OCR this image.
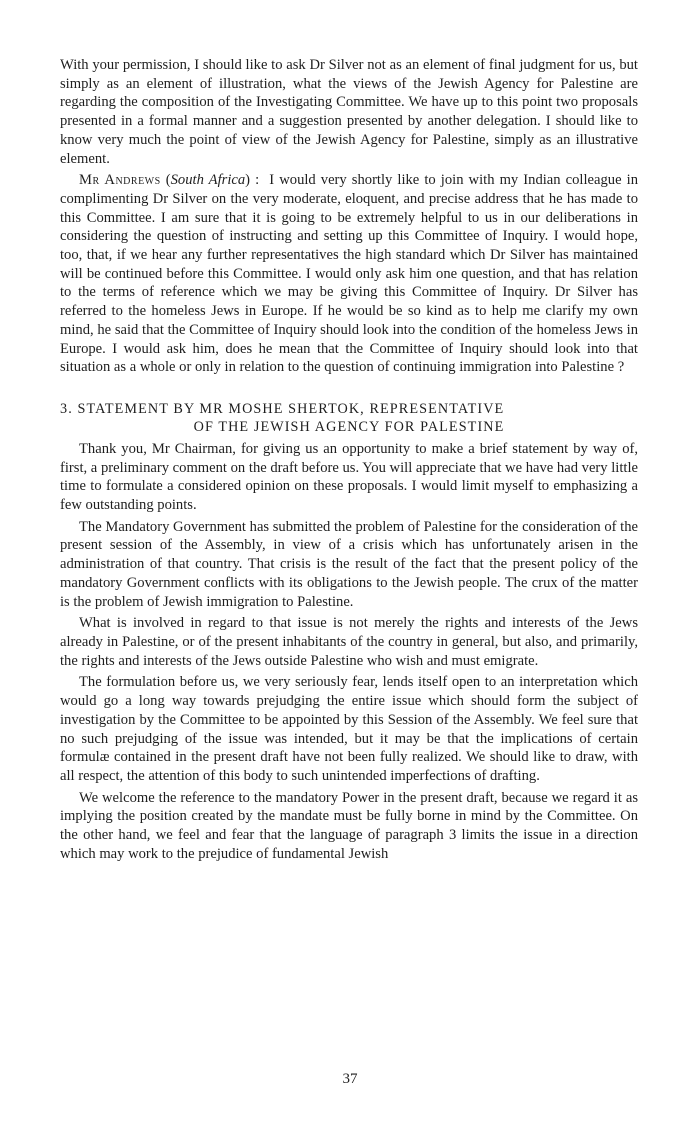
With your permission, I should like to ask Dr Silver not as an element of final judgment for us, but simply as an element of illustration, what the views of the Jewish Agency for Palestine are regarding the composition of the Investigating Committee. We have up to this point two proposals presented in a formal manner and a suggestion presented by another delegation. I should like to know very much the point of view of the Jewish Agency for Palestine, simply as an illustrative element.

Mr Andrews (South Africa) :  I would very shortly like to join with my Indian colleague in complimenting Dr Silver on the very moderate, eloquent, and precise address that he has made to this Committee. I am sure that it is going to be extremely helpful to us in our deliberations in considering the question of instructing and setting up this Committee of Inquiry. I would hope, too, that, if we hear any further representatives the high standard which Dr Silver has maintained will be continued before this Committee. I would only ask him one question, and that has relation to the terms of reference which we may be giving this Committee of Inquiry. Dr Silver has referred to the homeless Jews in Europe. If he would be so kind as to help me clarify my own mind, he said that the Committee of Inquiry should look into the condition of the homeless Jews in Europe. I would ask him, does he mean that the Committee of Inquiry should look into that situation as a whole or only in relation to the question of continuing immigration into Palestine ?

3. STATEMENT BY MR MOSHE SHERTOK, REPRESENTATIVE
OF THE JEWISH AGENCY FOR PALESTINE

Thank you, Mr Chairman, for giving us an opportunity to make a brief statement by way of, first, a preliminary comment on the draft before us. You will appreciate that we have had very little time to formulate a considered opinion on these proposals. I would limit myself to emphasizing a few outstanding points.

The Mandatory Government has submitted the problem of Palestine for the consideration of the present session of the Assembly, in view of a crisis which has unfortunately arisen in the administration of that country. That crisis is the result of the fact that the present policy of the mandatory Government conflicts with its obligations to the Jewish people. The crux of the matter is the problem of Jewish immigration to Palestine.

What is involved in regard to that issue is not merely the rights and interests of the Jews already in Palestine, or of the present inhabitants of the country in general, but also, and primarily, the rights and interests of the Jews outside Palestine who wish and must emigrate.

The formulation before us, we very seriously fear, lends itself open to an interpretation which would go a long way towards prejudging the entire issue which should form the subject of investigation by the Committee to be appointed by this Session of the Assembly. We feel sure that no such prejudging of the issue was intended, but it may be that the implications of certain formulæ contained in the present draft have not been fully realized. We should like to draw, with all respect, the attention of this body to such unintended imperfections of drafting.

We welcome the reference to the mandatory Power in the present draft, because we regard it as implying the position created by the mandate must be fully borne in mind by the Committee. On the other hand, we feel and fear that the language of paragraph 3 limits the issue in a direction which may work to the prejudice of fundamental Jewish

37
